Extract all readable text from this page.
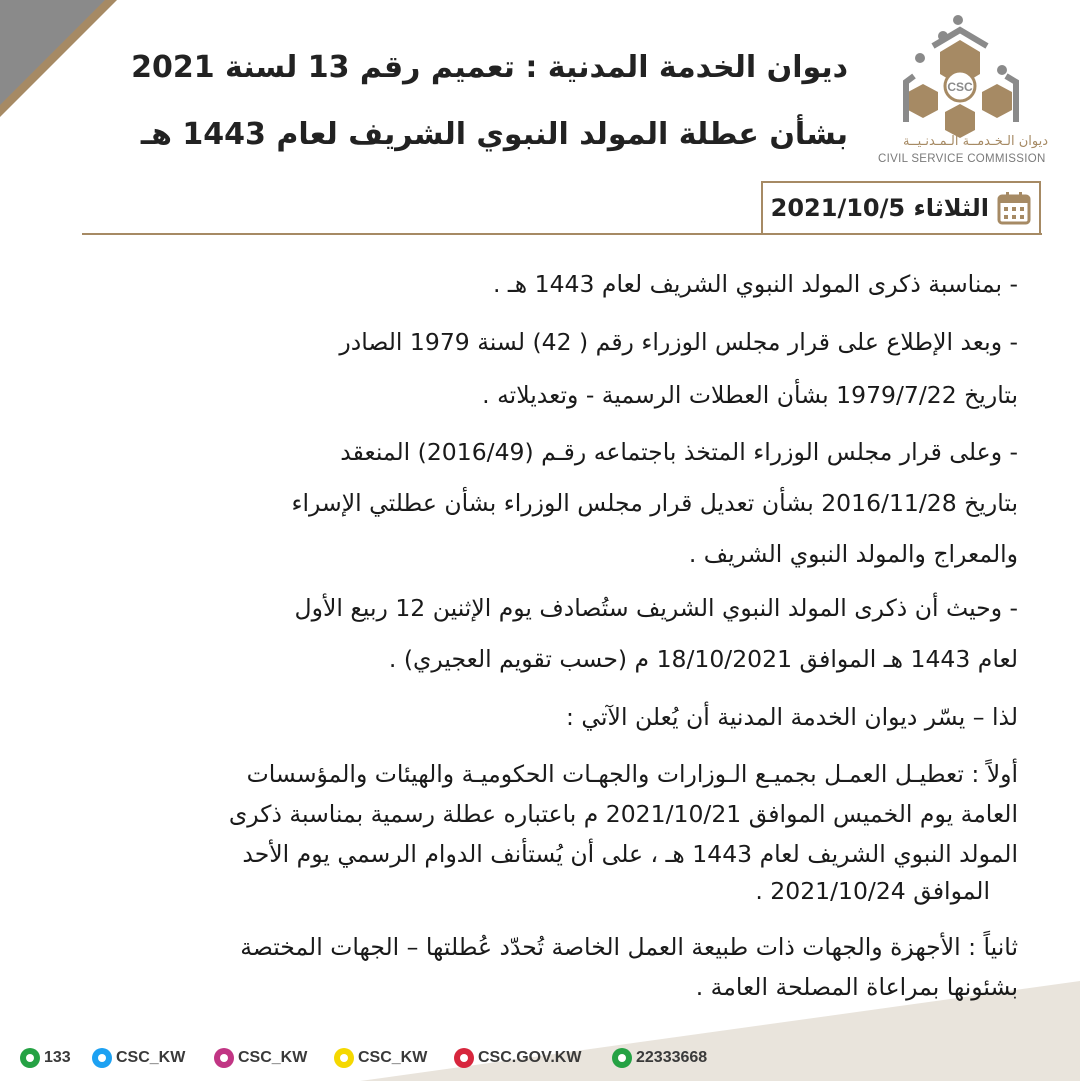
CSC
ديوان الـخـدمــة الـمـدنـيــة
CIVIL SERVICE COMMISSION
ديوان الخدمة المدنية : تعميم رقم 13 لسنة 2021
بشأن عطلة المولد النبوي الشريف لعام 1443 هـ
الثلاثاء 2021/10/5
- بمناسبة ذكرى المولد النبوي الشريف لعام 1443 هـ .
- وبعد الإطلاع على قرار مجلس الوزراء رقم ( 42) لسنة 1979 الصادر
بتاريخ 1979/7/22 بشأن العطلات الرسمية - وتعديلاته .
- وعلى قرار مجلس الوزراء المتخذ باجتماعه رقـم (2016/49) المنعقد
بتاريخ 2016/11/28 بشأن تعديل قرار مجلس الوزراء بشأن عطلتي الإسراء
والمعراج والمولد النبوي الشريف .
- وحيث أن ذكرى المولد النبوي الشريف ستُصادف يوم الإثنين 12 ربيع الأول
لعام 1443 هـ الموافق 18/10/2021 م (حسب تقويم العجيري) .
لذا – يسّر ديوان الخدمة المدنية أن يُعلن الآتي :
أولاً : تعطيـل العمـل بجميـع الـوزارات والجهـات الحكوميـة والهيئات والمؤسسات
العامة يوم الخميس الموافق 2021/10/21 م باعتباره عطلة رسمية بمناسبة ذكرى
المولد النبوي الشريف لعام 1443 هـ ، على أن يُستأنف الدوام الرسمي يوم الأحد
الموافق 2021/10/24 .
ثانياً : الأجهزة والجهات ذات طبيعة العمل الخاصة تُحدّد عُطلتها – الجهات المختصة
بشئونها بمراعاة المصلحة العامة .
133	CSC_KW	CSC_KW	CSC_KW	CSC.GOV.KW	22333668
